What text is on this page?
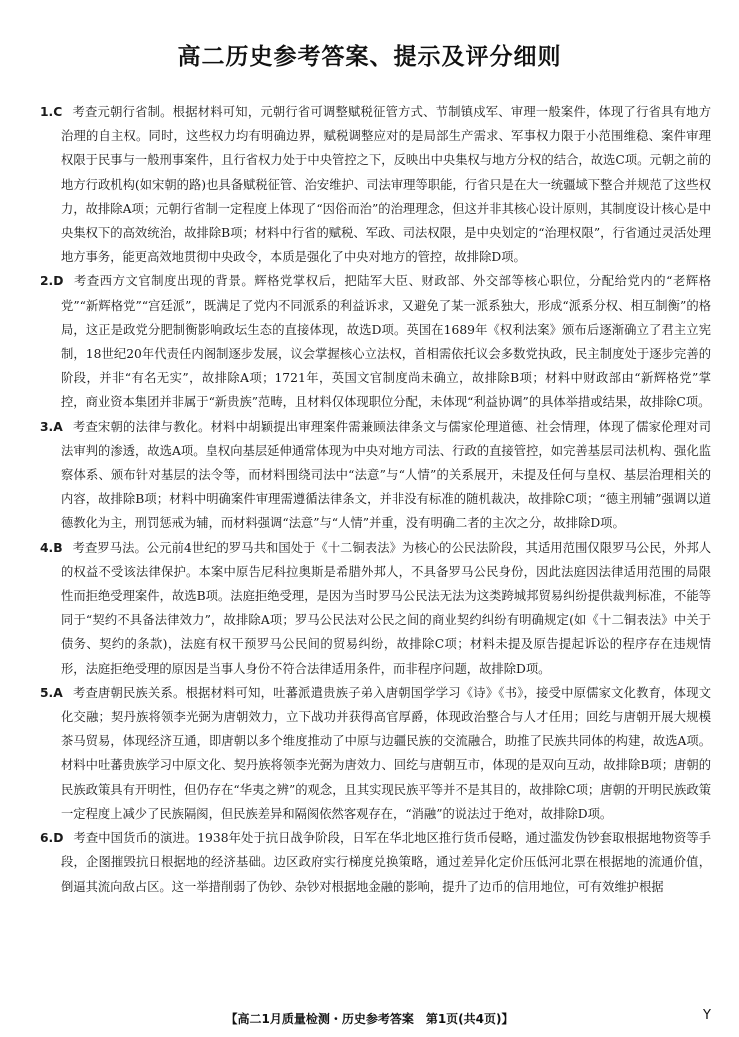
高二历史参考答案、提示及评分细则

1.C 考查元朝行省制。根据材料可知，元朝行省可调整赋税征管方式、节制镇戍军、审理一般案件，体现了行省具有地方治理的自主权。同时，这些权力均有明确边界，赋税调整应对的是局部生产需求、军事权力限于小范围维稳、案件审理权限于民事与一般刑事案件，且行省权力处于中央管控之下，反映出中央集权与地方分权的结合，故选C项。元朝之前的地方行政机构(如宋朝的路)也具备赋税征管、治安维护、司法审理等职能，行省只是在大一统疆域下整合并规范了这些权力，故排除A项；元朝行省制一定程度上体现了“因俗而治”的治理理念，但这并非其核心设计原则，其制度设计核心是中央集权下的高效统治，故排除B项；材料中行省的赋税、军政、司法权限，是中央划定的“治理权限”，行省通过灵活处理地方事务，能更高效地贯彻中央政令，本质是强化了中央对地方的管控，故排除D项。

2.D 考查西方文官制度出现的背景。辉格党掌权后，把陆军大臣、财政部、外交部等核心职位，分配给党内的“老辉格党”“新辉格党”“宫廷派”，既满足了党内不同派系的利益诉求，又避免了某一派系独大，形成“派系分权、相互制衡”的格局，这正是政党分肥制衡影响政坛生态的直接体现，故选D项。英国在1689年《权利法案》颁布后逐渐确立了君主立宪制，18世纪20年代责任内阁制逐步发展，议会掌握核心立法权，首相需依托议会多数党执政，民主制度处于逐步完善的阶段，并非“有名无实”，故排除A项；1721年，英国文官制度尚未确立，故排除B项；材料中财政部由“新辉格党”掌控，商业资本集团并非属于“新贵族”范畴，且材料仅体现职位分配，未体现“利益协调”的具体举措或结果，故排除C项。

3.A 考查宋朝的法律与教化。材料中胡颖提出审理案件需兼顾法律条文与儒家伦理道德、社会情理，体现了儒家伦理对司法审判的渗透，故选A项。皇权向基层延伸通常体现为中央对地方司法、行政的直接管控，如完善基层司法机构、强化监察体系、颁布针对基层的法令等，而材料围绕司法中“法意”与“人情”的关系展开，未提及任何与皇权、基层治理相关的内容，故排除B项；材料中明确案件审理需遵循法律条文，并非没有标准的随机裁决，故排除C项；“德主刑辅”强调以道德教化为主，刑罚惩戒为辅，而材料强调“法意”与“人情”并重，没有明确二者的主次之分，故排除D项。

4.B 考查罗马法。公元前4世纪的罗马共和国处于《十二铜表法》为核心的公民法阶段，其适用范围仅限罗马公民，外邦人的权益不受该法律保护。本案中原告尼科拉奥斯是希腊外邦人，不具备罗马公民身份，因此法庭因法律适用范围的局限性而拒绝受理案件，故选B项。法庭拒绝受理，是因为当时罗马公民法无法为这类跨城邦贸易纠纷提供裁判标准，不能等同于“契约不具备法律效力”，故排除A项；罗马公民法对公民之间的商业契约纠纷有明确规定(如《十二铜表法》中关于债务、契约的条款)，法庭有权干预罗马公民间的贸易纠纷，故排除C项；材料未提及原告提起诉讼的程序存在违规情形，法庭拒绝受理的原因是当事人身份不符合法律适用条件，而非程序问题，故排除D项。

5.A 考查唐朝民族关系。根据材料可知，吐蕃派遣贵族子弟入唐朝国学学习《诗》《书》，接受中原儒家文化教育，体现文化交融；契丹族将领李光弼为唐朝效力，立下战功并获得高官厚爵，体现政治整合与人才任用；回纥与唐朝开展大规模茶马贸易，体现经济互通，即唐朝以多个维度推动了中原与边疆民族的交流融合，助推了民族共同体的构建，故选A项。材料中吐蕃贵族学习中原文化、契丹族将领李光弼为唐效力、回纥与唐朝互市，体现的是双向互动，故排除B项；唐朝的民族政策具有开明性，但仍存在“华夷之辨”的观念，且其实现民族平等并不是其目的，故排除C项；唐朝的开明民族政策一定程度上减少了民族隔阂，但民族差异和隔阂依然客观存在，“消融”的说法过于绝对，故排除D项。

6.D 考查中国货币的演进。1938年处于抗日战争阶段，日军在华北地区推行货币侵略，通过滥发伪钞套取根据地物资等手段，企图摧毁抗日根据地的经济基础。边区政府实行梯度兑换策略，通过差异化定价压低河北票在根据地的流通价值，倒逼其流向敌占区。这一举措削弱了伪钞、杂钞对根据地金融的影响，提升了边币的信用地位，可有效维护根据

【高二1月质量检测・历史参考答案　第1页(共4页)】	Y
